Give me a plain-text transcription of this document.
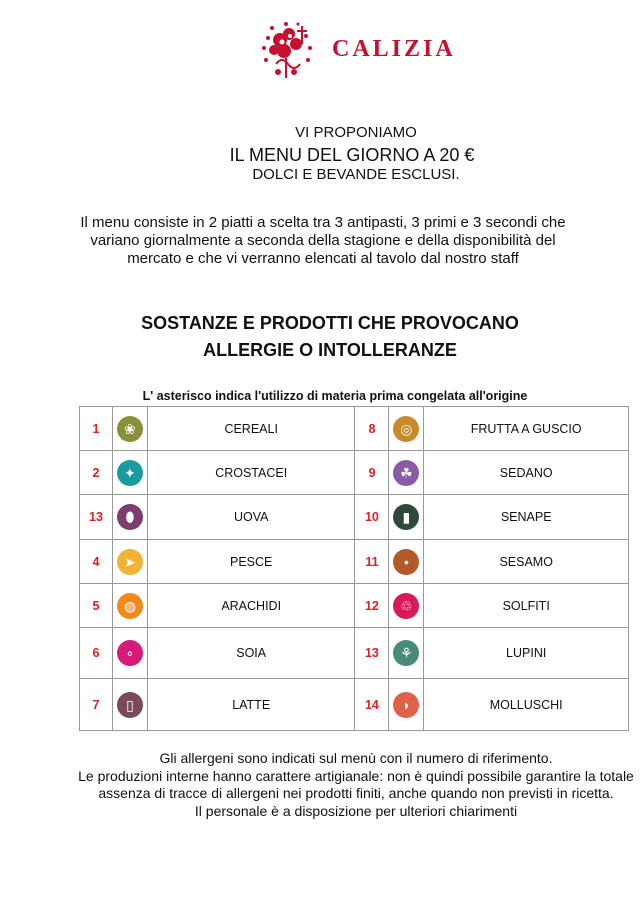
CALIZIA
VI PROPONIAMO
IL MENU DEL GIORNO A 20 €
DOLCI E BEVANDE ESCLUSI.
Il menu consiste in 2 piatti a scelta tra 3 antipasti, 3 primi e 3 secondi che variano giornalmente a seconda della stagione e della disponibilità del mercato e che vi verranno elencati al tavolo dal nostro staff
SOSTANZE E PRODOTTI CHE PROVOCANO
ALLERGIE O INTOLLERANZE
L' asterisco indica l'utilizzo di materia prima congelata all'origine
1	❀	CEREALI	8	◎	FRUTTA A GUSCIO
2	✦	CROSTACEI	9	☘	SEDANO
13	⬮	UOVA	10	▮	SENAPE
4	➤	PESCE	11	•	SESAMO
5	◍	ARACHIDI	12	♲	SOLFITI
6	∘	SOIA	13	⚘	LUPINI
7	▯	LATTE	14	◗	MOLLUSCHI

Gli allergeni sono indicati sul menù con il numero di riferimento.

Le produzioni interne hanno carattere artigianale: non è quindi possibile garantire la totale assenza di tracce di allergeni nei prodotti finiti, anche quando non previsti in ricetta.

Il personale è a disposizione per ulteriori chiarimenti
